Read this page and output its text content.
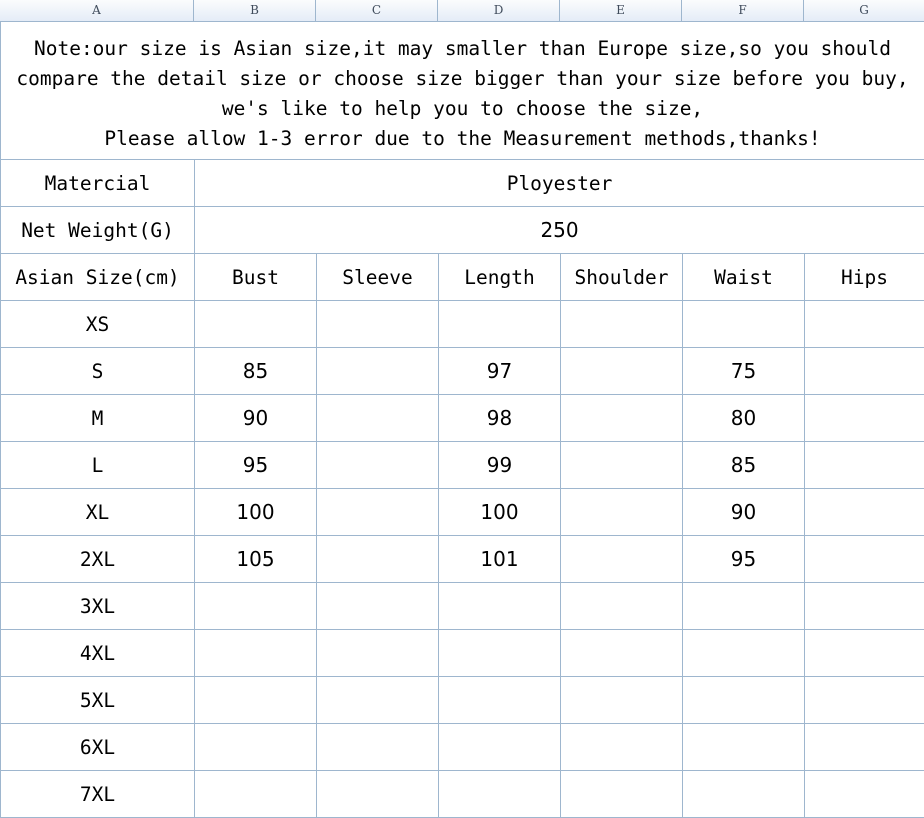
A	B	C	D	E	F	G
Note:our size is Asian size,it may smaller than Europe size,so you should
compare the detail size or choose size bigger than your size before you buy,
we's like to help you to choose the size,
Please allow 1-3 error due to the Measurement methods,thanks!
Matercial	Ployester					
Net Weight(G)	250					
Asian Size(cm)	Bust	Sleeve	Length	Shoulder	Waist	Hips
XS						
S	85		97		75	
M	90		98		80	
L	95		99		85	
XL	100		100		90	
2XL	105		101		95	
3XL						
4XL						
5XL						
6XL						
7XL						
